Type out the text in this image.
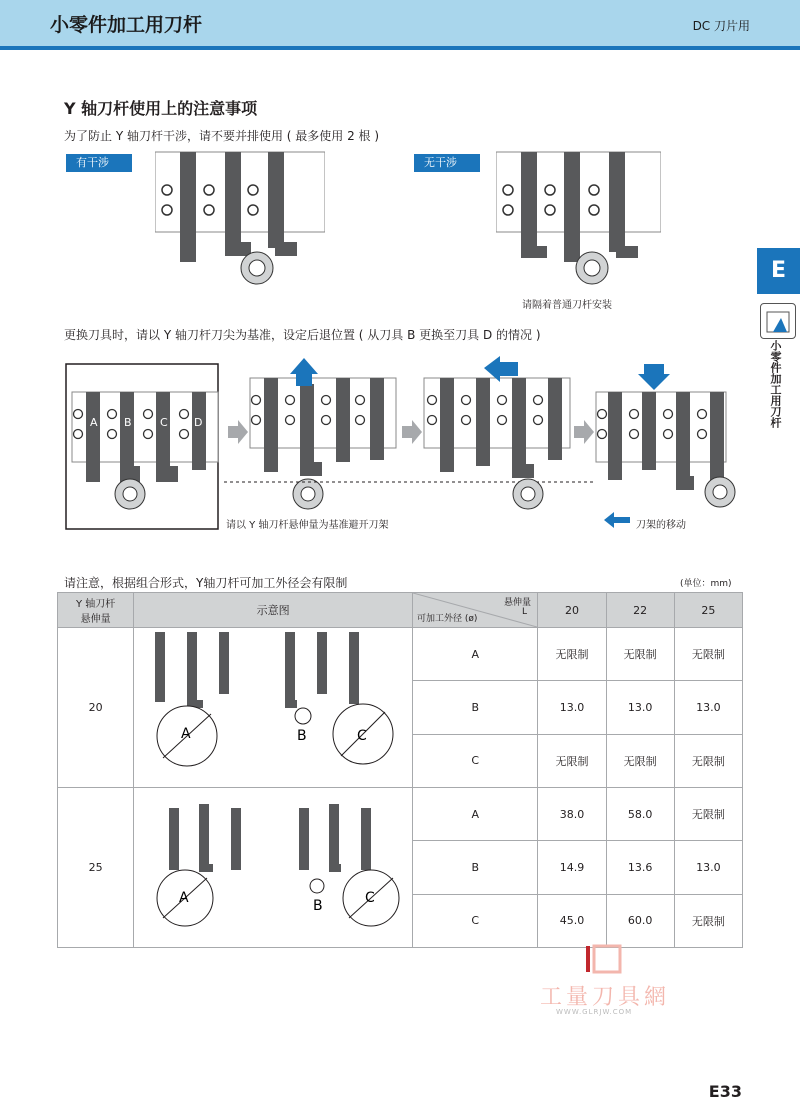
小零件加工用刀杆	DC 刀片用
E
小零件加工用刀杆
Y 轴刀杆使用上的注意事项
为了防止 Y 轴刀杆干涉，请不要并排使用 ( 最多使用 2 根 )
有干涉	无干涉
请隔着普通刀杆安装
更换刀具时，请以 Y 轴刀杆刀尖为基准，设定后退位置 ( 从刀具 B 更换至刀具 D 的情况 )
A B	C D
请以 Y 轴刀杆悬伸量为基准避开刀架	刀架的移动
请注意，根据组合形式，Y轴刀杆可加工外径会有限制	(单位：mm)
Y 轴刀杆
悬伸量	示意图	悬伸量
L
可加工外径 (ø)	20	22	25
20	A B C	A	无限制	无限制	无限制
		B	13.0	13.0	13.0
		C	无限制	无限制	无限制
25	A B C	A	38.0	58.0	无限制
		B	14.9	13.6	13.0
		C	45.0	60.0	无限制
工量刀具網
WWW.GLRJW.COM
E33
